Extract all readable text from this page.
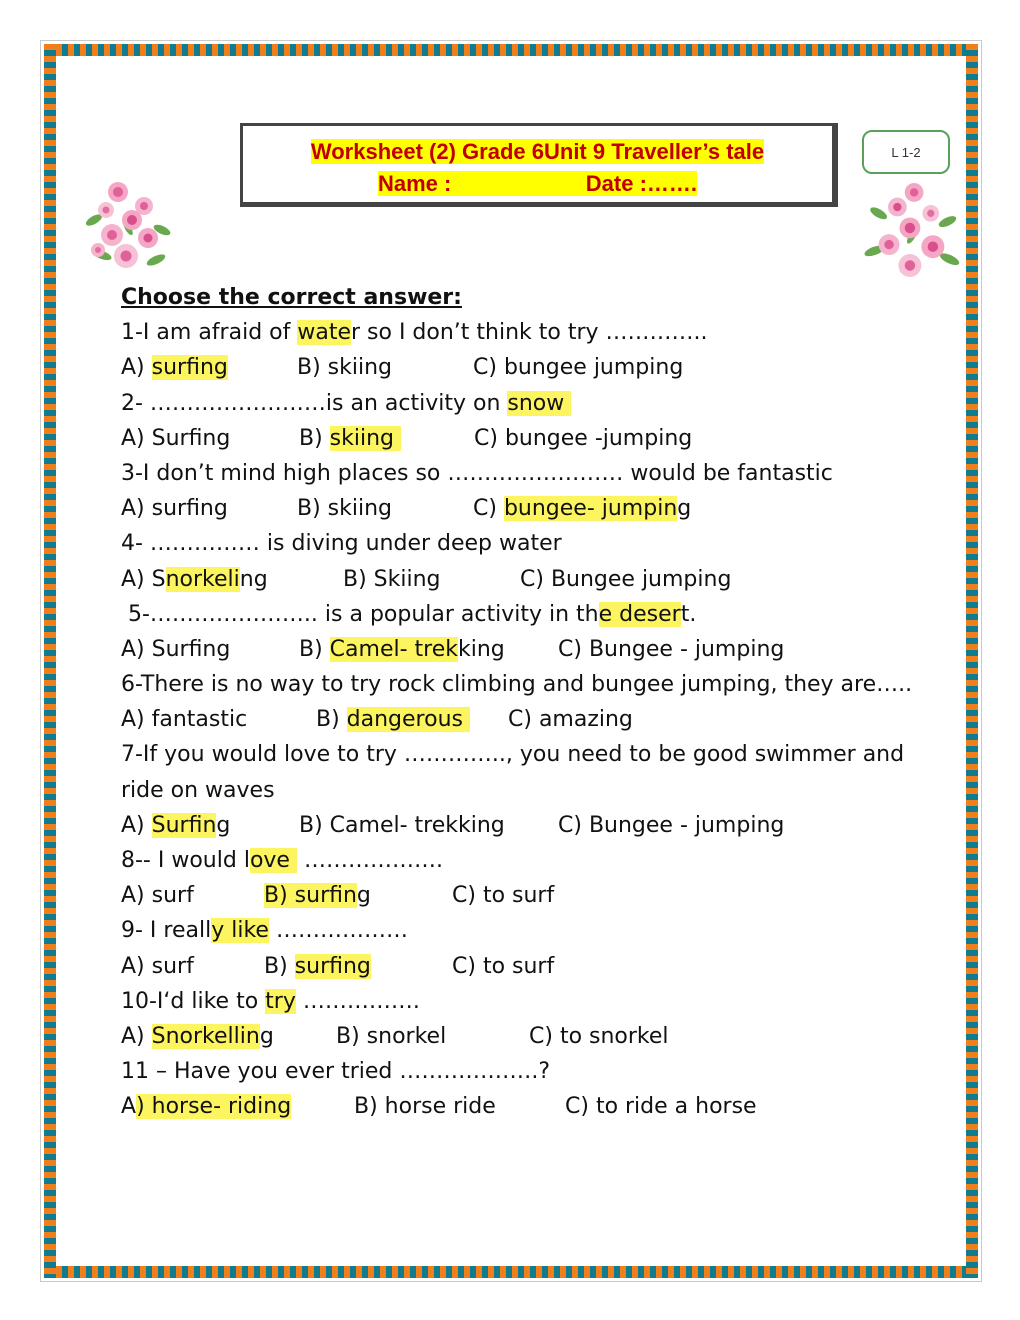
Worksheet (2) Grade 6Unit 9 Traveller’s tale
Name :	Date :…….
L 1-2
Choose the correct answer:
1-I am afraid of water so I don’t think to try …………..
A) surfing	B) skiing	C) bungee jumping
2- ……………………is an activity on snow
A) Surfing	B) skiing	C) bungee -jumping
3-I don’t mind high places so …………………… would be fantastic
A) surfing	B) skiing	C) bungee- jumping
4- …………… is diving under deep water
A) Snorkeling	B) Skiing	C) Bungee jumping
5-………………….. is a popular activity in the desert.
A) Surfing	B) Camel- trekking C) Bungee - jumping
6-There is no way to try rock climbing and bungee jumping, they are…..
A) fantastic	B) dangerous C) amazing
7-If you would love to try ………….., you need to be good swimmer and ride on waves
A) Surfing	B) Camel- trekking C) Bungee - jumping
8-- I would love  ……………….
A) surf	B) surfing	C) to surf
9- I really like ………………
A) surf	B) surfing	C) to surf
10-I‘d like to try …………….
A) Snorkelling	B) snorkel	C) to snorkel
11 – Have you ever tried ……………….?
A) horse- riding	B) horse ride	C) to ride a horse
